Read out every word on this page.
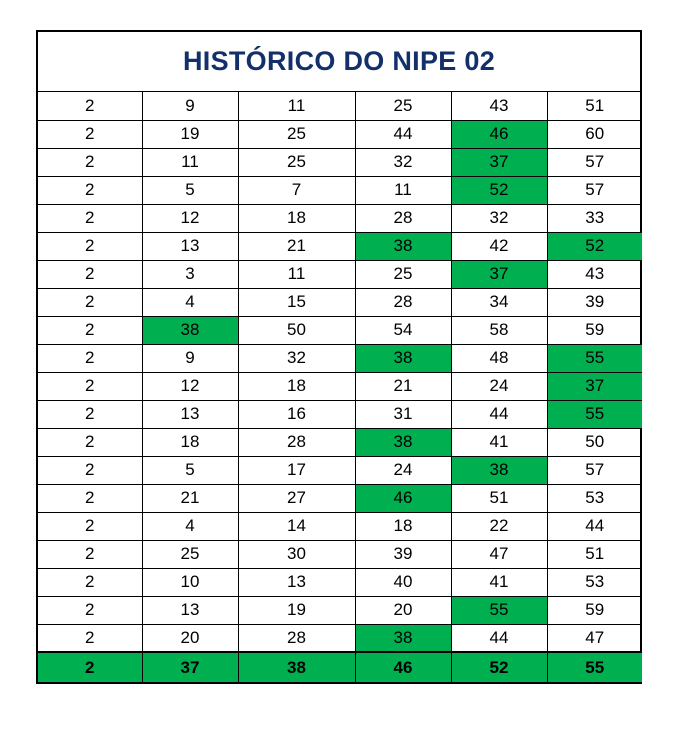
HISTÓRICO DO NIPE 02
2	9	11	25	43	51
2	19	25	44	46	60
2	11	25	32	37	57
2	5	7	11	52	57
2	12	18	28	32	33
2	13	21	38	42	52
2	3	11	25	37	43
2	4	15	28	34	39
2	38	50	54	58	59
2	9	32	38	48	55
2	12	18	21	24	37
2	13	16	31	44	55
2	18	28	38	41	50
2	5	17	24	38	57
2	21	27	46	51	53
2	4	14	18	22	44
2	25	30	39	47	51
2	10	13	40	41	53
2	13	19	20	55	59
2	20	28	38	44	47
2	37	38	46	52	55
